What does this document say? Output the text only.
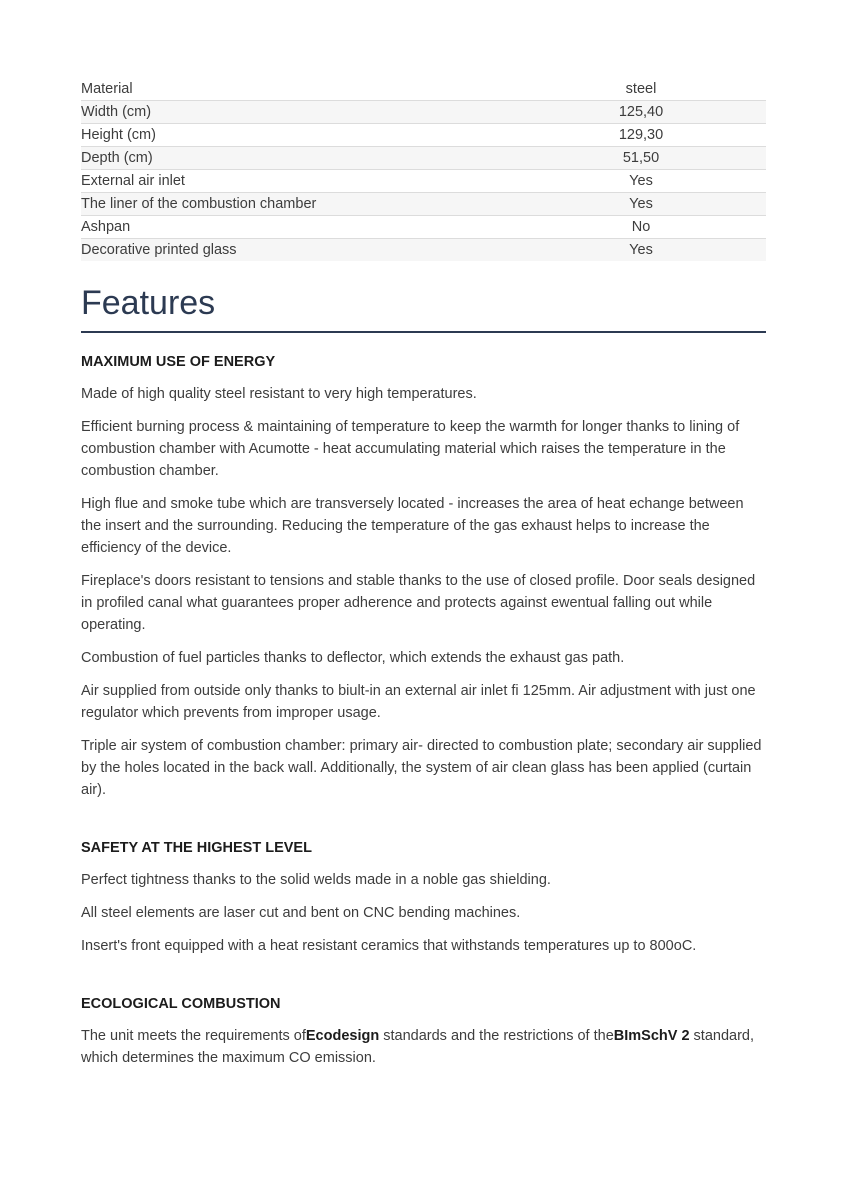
Material	steel
Width (cm)	125,40
Height (cm)	129,30
Depth (cm)	51,50
External air inlet	Yes
The liner of the combustion chamber	Yes
Ashpan	No
Decorative printed glass	Yes
Features
MAXIMUM USE OF ENERGY

Made of high quality steel resistant to very high temperatures.

Efficient burning process & maintaining of temperature to keep the warmth for longer thanks to lining of combustion chamber with Acumotte - heat accumulating material which raises the temperature in the combustion chamber.

High flue and smoke tube which are transversely located - increases the area of heat echange between the insert and the surrounding. Reducing the temperature of the gas exhaust helps to increase the efficiency of the device.

Fireplace's doors resistant to tensions and stable thanks to the use of closed profile. Door seals designed in profiled canal what guarantees proper adherence and protects against ewentual falling out while operating.

Combustion of fuel particles thanks to deflector, which extends the exhaust gas path.

Air supplied from outside only thanks to biult-in an external air inlet fi 125mm. Air adjustment with just one regulator which prevents from improper usage.

Triple air system of combustion chamber: primary air- directed to combustion plate; secondary air supplied by the holes located in the back wall. Additionally, the system of air clean glass has been applied (curtain air).

SAFETY AT THE HIGHEST LEVEL

Perfect tightness thanks to the solid welds made in a noble gas shielding.

All steel elements are laser cut and bent on CNC bending machines.

Insert's front equipped with a heat resistant ceramics that withstands temperatures up to 800oC.

ECOLOGICAL COMBUSTION

The unit meets the requirements ofEcodesign standards and the restrictions of theBImSchV 2 standard, which determines the maximum CO emission.
